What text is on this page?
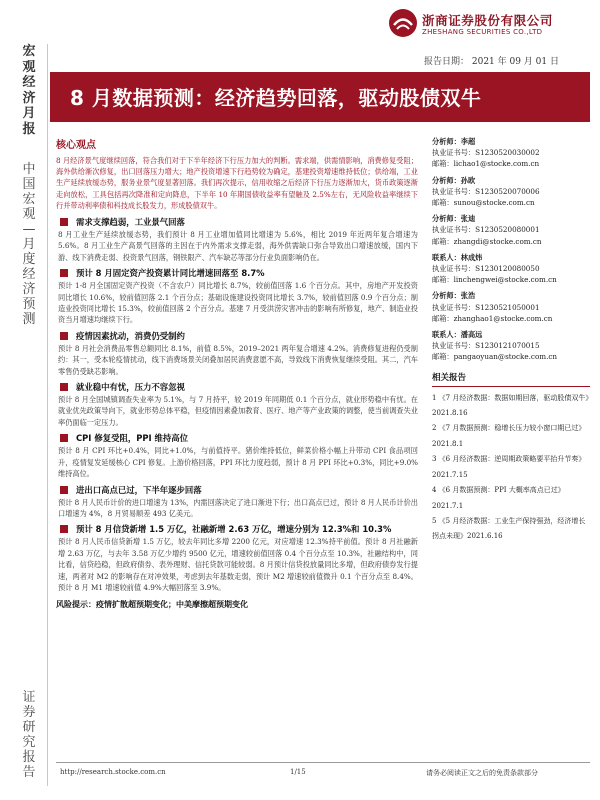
浙商证券股份有限公司
ZHESHANG SECURITIES CO.,LTD
宏
观
经
济
月
报
中
国
宏
观
—
月
度
经
济
预
测
证
券
研
究
报
告
报告日期： 2021 年 09 月 01 日
8 月数据预测：经济趋势回落，驱动股债双牛
核心观点
8 月经济景气度继续回落，符合我们对于下半年经济下行压力加大的判断。需求端，供需情影响，消费修复受阻；海外供给渐次修复，出口回落压力增大；地产投资增速下行趋势较为确定，基建投资增速维持低位；供给端，工业生产延续放缓态势，服务业景气度显著回落。我们再次提示，信用收缩之后经济下行压力逐渐加大，货币政策逐渐走向放松，工具包括再次降准和定向降息，下半年 10 年期国债收益率有望触及 2.5%左右，无风险收益率继续下行并带动利率债和科技成长股发力，形成股债双牛。
需求支撑趋弱，工业景气回落
8 月工业生产延续放缓态势，我们预计 8 月工业增加值同比增速为 5.6%，相比 2019 年近两年复合增速为 5.6%。8 月工业生产高景气回落的主因在于内外需求支撑走弱，海外供需缺口弥合导致出口增速放缓，国内下游、线下消费走弱、投资景气回落，钢铁限产、汽车缺芯等部分行业负面影响仍在。
预计 8 月固定资产投资累计同比增速回落至 8.7%
预计 1-8 月全国固定资产投资（不含农户）同比增长 8.7%，较前值回落 1.6 个百分点。其中，房地产开发投资同比增长 10.6%，较前值回落 2.1 个百分点；基础设施建设投资同比增长 3.7%，较前值回落 0.9 个百分点；制造业投资同比增长 15.3%，较前值回落 2 个百分点。基建 7 月受洪涝灾害冲击的影响有所修复，地产、制造业投资当月增速均继续下行。
疫情因素扰动，消费仍受制约
预计 8 月社会消费品零售总额同比 8.1%，前值 8.5%，2019–2021 两年复合增速 4.2%。消费修复进程仍受制约：其一，受本轮疫情扰动，线下消费场景关闭叠加居民消费意愿不高，导致线下消费恢复继续受阻。其二，汽车零售仍受缺芯影响。
就业稳中有忧，压力不容忽视
预计 8 月全国城镇调查失业率为 5.1%，与 7 月持平，较 2019 年同期低 0.1 个百分点，就业形势稳中有忧。在就业优先政策导向下，就业形势总体平稳，但疫情因素叠加教育、医疗、地产等产业政策的调整，使当前调查失业率仍面临一定压力。
CPI 修复受阻，PPI 维持高位
预计 8 月 CPI 环比+0.4%，同比+1.0%，与前值持平。猪价维持低位，鲜菜价格小幅上升带动 CPI 食品项回升，疫情复发延缓核心 CPI 修复。上游价格回落，PPI 环比力度趋弱，预计 8 月 PPI 环比+0.3%，同比+9.0%维持高位。
进出口高点已过，下半年逐步回落
预计 8 月人民币计价的进口增速为 13%，内需回落决定了进口渐进下行；出口高点已过，预计 8 月人民币计价出口增速为 4%，8 月贸易顺差 493 亿美元。
预计 8 月信贷新增 1.5 万亿，社融新增 2.63 万亿，增速分别为 12.3%和 10.3%
预计 8 月人民币信贷新增 1.5 万亿，较去年同比多增 2200 亿元，对应增速 12.3%持平前值。预计 8 月社融新增 2.63 万亿，与去年 3.58 万亿少增约 9500 亿元，增速较前值回落 0.4 个百分点至 10.3%，社融结构中，同比看，信贷趋稳，但政府债券、表外理财、信托贷款可能较弱。8 月预计信贷投放量同比多增，但政府债券发行提速，两者对 M2 的影响存在对冲效果，考虑到去年基数走弱，预计 M2 增速较前值微升 0.1 个百分点至 8.4%。预计 8 月 M1 增速较前值 4.9%大幅回落至 3.9%。
风险提示：疫情扩散超预期变化；中美摩擦超预期变化
分析师：李超
执业证书号：S1230520030002
邮箱：lichao1@stocke.com.cn
分析师：孙欧
执业证书号：S1230520070006
邮箱：sunou@stocke.com.cn
分析师：张迪
执业证书号：S1230520080001
邮箱：zhangdi@stocke.com.cn
联系人：林成炜
执业证书号：S1230120080050
邮箱：linchengwei@stocke.com.cn
分析师：张浩
执业证书号：S1230521050001
邮箱：zhanghao1@stocke.com.cn
联系人：潘高远
执业证书号：S1230121070015
邮箱：pangaoyuan@stocke.com.cn
相关报告
1 《7 月经济数据：数据如期回落，驱动股债双牛》2021.8.16
2 《7 月数据预测：稳增长压力较小窗口期已过》2021.8.1
3 《6 月经济数据：逆周期政策略要平抬升节奏》2021.7.15
4 《6 月数据预测：PPI 大概率高点已过》2021.7.1
5 《5 月经济数据：工业生产保持强劲，经济增长拐点未现》2021.6.16
http://research.stocke.com.cn	1/15	请务必阅读正文之后的免责条款部分
